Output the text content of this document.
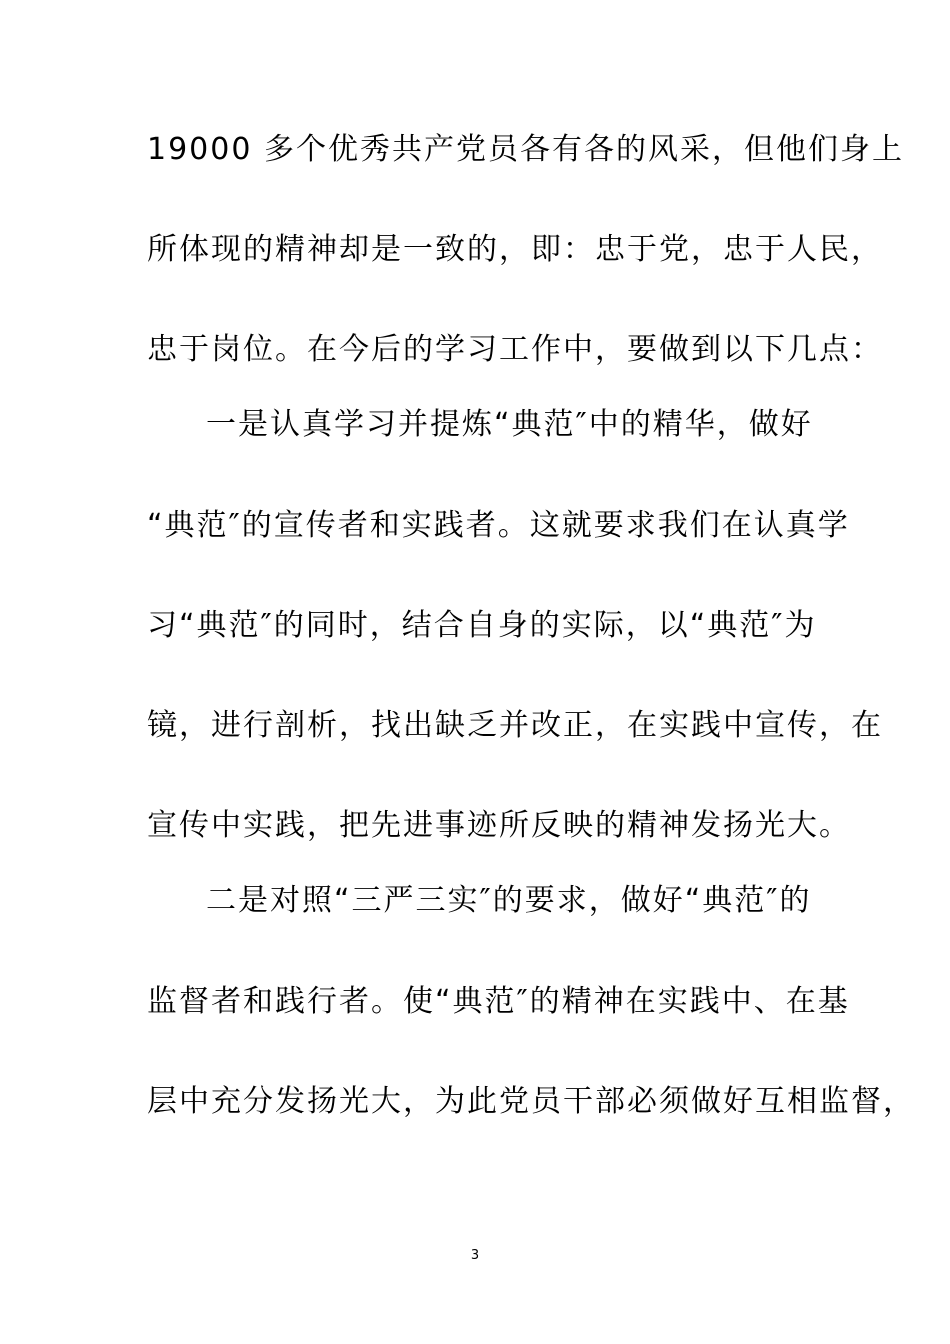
19000 多个优秀共产党员各有各的风采，但他们身上
所体现的精神却是一致的，即：忠于党，忠于人民，
忠于岗位。在今后的学习工作中，要做到以下几点：
一是认真学习并提炼“典范″中的精华，做好
“典范″的宣传者和实践者。这就要求我们在认真学
习“典范″的同时，结合自身的实际，以“典范″为
镜，进行剖析，找出缺乏并改正，在实践中宣传，在
宣传中实践，把先进事迹所反映的精神发扬光大。
二是对照“三严三实″的要求，做好“典范″的
监督者和践行者。使“典范″的精神在实践中、在基
层中充分发扬光大，为此党员干部必须做好互相监督，
3
